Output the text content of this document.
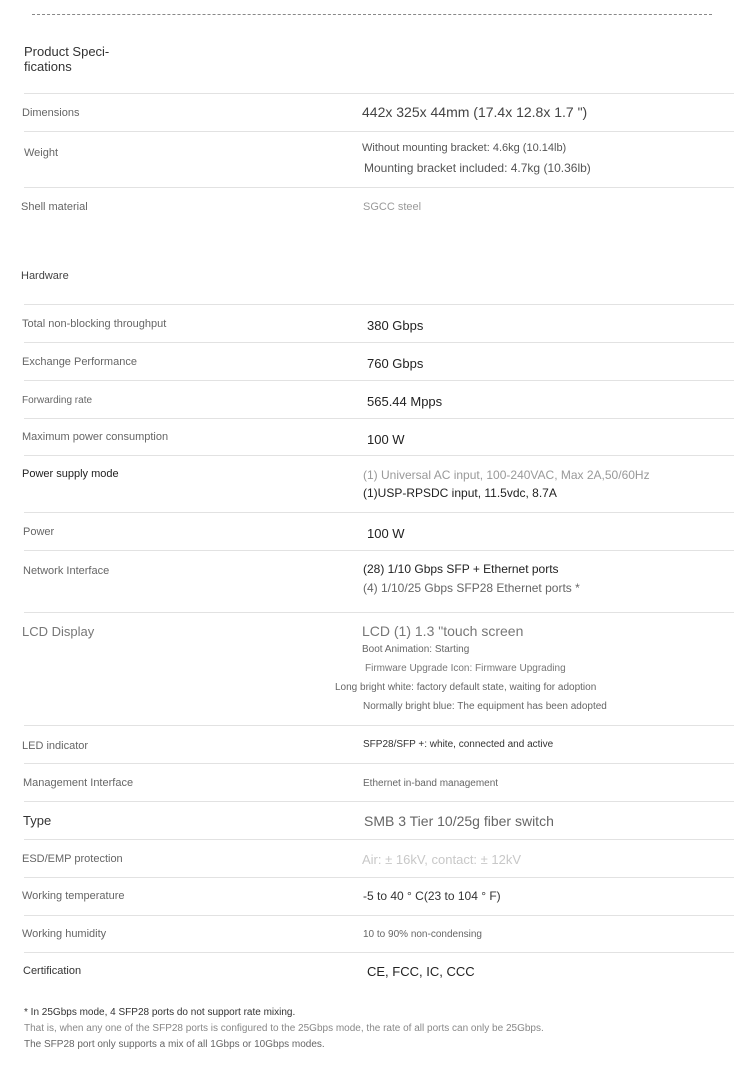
Product Speci-
fications
Dimensions	442x 325x 44mm (17.4x 12.8x 1.7 ")
Weight	Without mounting bracket: 4.6kg (10.14lb)
Mounting bracket included: 4.7kg (10.36lb)
Shell material	SGCC steel
Hardware
Total non-blocking throughput	380 Gbps
Exchange Performance	760 Gbps
Forwarding rate	565.44 Mpps
Maximum power consumption	100 W
Power supply mode	(1) Universal AC input, 100-240VAC, Max 2A,50/60Hz
(1)USP-RPSDC input, 11.5vdc, 8.7A
Power	100 W
Network Interface	(28) 1/10 Gbps SFP + Ethernet ports
(4) 1/10/25 Gbps SFP28 Ethernet ports *
LCD Display	LCD (1) 1.3 "touch screen
Boot Animation: Starting
Firmware Upgrade Icon: Firmware Upgrading
Long bright white: factory default state, waiting for adoption
Normally bright blue: The equipment has been adopted
LED indicator	SFP28/SFP +: white, connected and active
Management Interface	Ethernet in-band management
Type	SMB 3 Tier 10/25g fiber switch
ESD/EMP protection	Air: ± 16kV, contact: ± 12kV
Working temperature	-5 to 40 ° C(23 to 104 ° F)
Working humidity	10 to 90% non-condensing
Certification	CE, FCC, IC, CCC
* In 25Gbps mode, 4 SFP28 ports do not support rate mixing.
That is, when any one of the SFP28 ports is configured to the 25Gbps mode, the rate of all ports can only be 25Gbps.
The SFP28 port only supports a mix of all 1Gbps or 10Gbps modes.
